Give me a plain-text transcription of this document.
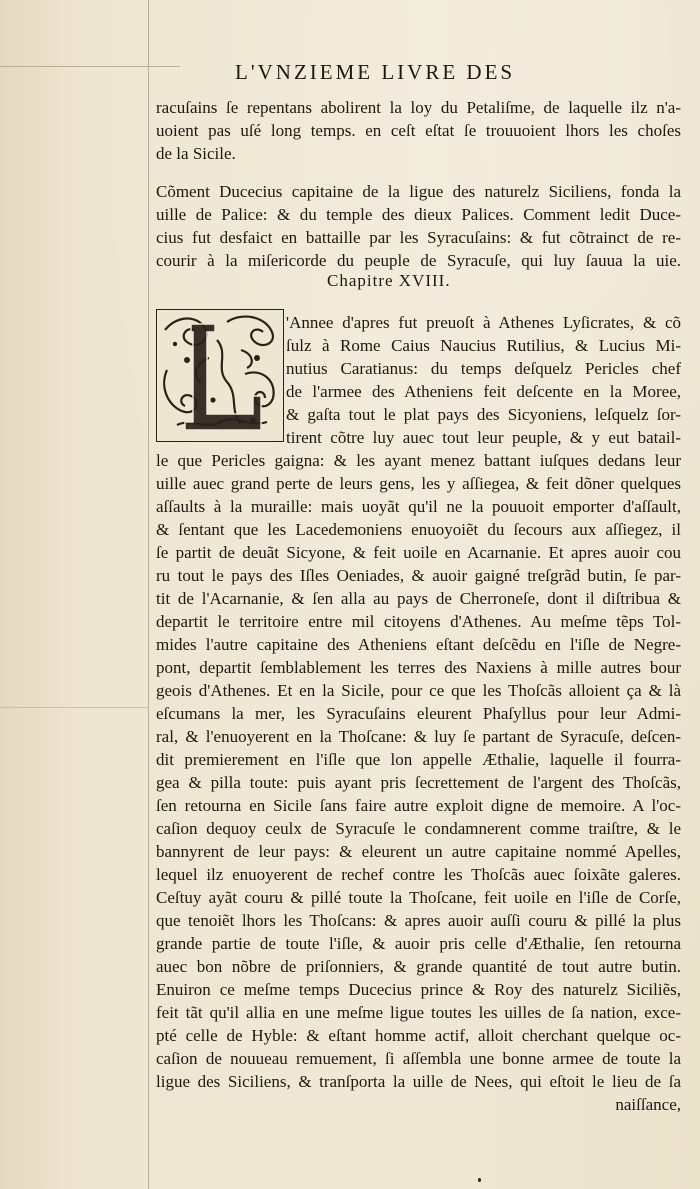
L'VNZIEME LIVRE DES
racuſains ſe repentans abolirent la loy du Petaliſme, de laquelle ilz n'a-
uoient pas uſé long temps. en ceſt eſtat ſe trouuoient lhors les choſes
de la Sicile.
Cõment Ducecius capitaine de la ligue des naturelz Siciliens, fonda la
uille de Palice: & du temple des dieux Palices. Comment ledit Duce-
cius fut desfaict en battaille par les Syracuſains: & fut cõtrainct de re-
courir à la miſericorde du peuple de Syracuſe, qui luy ſauua la uie.
Chapitre XVIII.
'Annee d'apres fut preuoſt à Athenes Lyſicrates, & cõ
ſulz à Rome Caius Naucius Rutilius, & Lucius Mi-
nutius Caratianus: du temps deſquelz Pericles chef
de l'armee des Atheniens feit deſcente en la Moree,
& gaſta tout le plat pays des Sicyoniens, leſquelz ſor-
tirent cõtre luy auec tout leur peuple, & y eut batail-
le que Pericles gaigna: & les ayant menez battant iuſques dedans leur
uille auec grand perte de leurs gens, les y aſſiegea, & feit dõner quelques
aſſaults à la muraille: mais uoyãt qu'il ne la pouuoit emporter d'aſſault,
& ſentant que les Lacedemoniens enuoyoiẽt du ſecours aux aſſiegez, il
ſe partit de deuãt Sicyone, & feit uoile en Acarnanie. Et apres auoir cou
ru tout le pays des Iſles Oeniades, & auoir gaigné treſgrãd butin, ſe par-
tit de l'Acarnanie, & ſen alla au pays de Cherroneſe, dont il diſtribua &
departit le territoire entre mil citoyens d'Athenes. Au meſme tẽps Tol-
mides l'autre capitaine des Atheniens eſtant deſcẽdu en l'iſle de Negre-
pont, departit ſemblablement les terres des Naxiens à mille autres bour
geois d'Athenes. Et en la Sicile, pour ce que les Thoſcãs alloient ça & là
eſcumans la mer, les Syracuſains eleurent Phaſyllus pour leur Admi-
ral, & l'enuoyerent en la Thoſcane: & luy ſe partant de Syracuſe, deſcen-
dit premierement en l'iſle que lon appelle Æthalie, laquelle il fourra-
gea & pilla toute: puis ayant pris ſecrettement de l'argent des Thoſcãs,
ſen retourna en Sicile ſans faire autre exploit digne de memoire. A l'oc-
caſion dequoy ceulx de Syracuſe le condamnerent comme traiſtre, & le
bannyrent de leur pays: & eleurent un autre capitaine nommé Apelles,
lequel ilz enuoyerent de rechef contre les Thoſcãs auec ſoixãte galeres.
Ceſtuy ayãt couru & pillé toute la Thoſcane, feit uoile en l'iſle de Corſe,
que tenoiẽt lhors les Thoſcans: & apres auoir auſſi couru & pillé la plus
grande partie de toute l'iſle, & auoir pris celle d'Æthalie, ſen retourna
auec bon nõbre de priſonniers, & grande quantité de tout autre butin.
Enuiron ce meſme temps Ducecius prince & Roy des naturelz Siciliẽs,
feit tãt qu'il allia en une meſme ligue toutes les uilles de ſa nation, exce-
pté celle de Hyble: & eſtant homme actif, alloit cherchant quelque oc-
caſion de nouueau remuement, ſi aſſembla une bonne armee de toute la
ligue des Siciliens, & tranſporta la uille de Nees, qui eſtoit le lieu de ſa
naiſſance,
